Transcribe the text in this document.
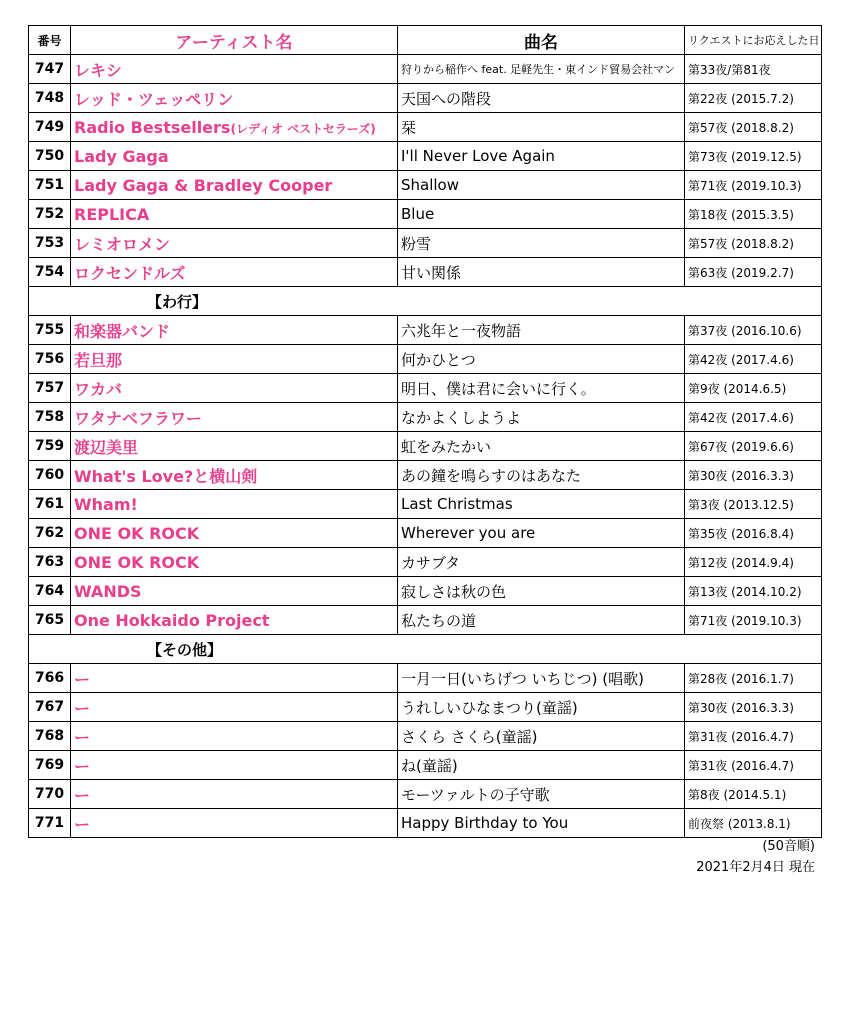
番号	アーティスト名	曲名	リクエストにお応えした日
747	レキシ	狩りから稲作へ feat. 足軽先生・東インド貿易会社マン	第33夜/第81夜
748	レッド・ツェッペリン	天国への階段	第22夜 (2015.7.2)
749	Radio Bestsellers(レディオ ベストセラーズ)	栞	第57夜 (2018.8.2)
750	Lady Gaga	I'll Never Love Again	第73夜 (2019.12.5)
751	Lady Gaga & Bradley Cooper	Shallow	第71夜 (2019.10.3)
752	REPLICA	Blue	第18夜 (2015.3.5)
753	レミオロメン	粉雪	第57夜 (2018.8.2)
754	ロクセンドルズ	甘い関係	第63夜 (2019.2.7)
【わ行】			
755	和楽器バンド	六兆年と一夜物語	第37夜 (2016.10.6)
756	若旦那	何かひとつ	第42夜 (2017.4.6)
757	ワカバ	明日、僕は君に会いに行く。	第9夜 (2014.6.5)
758	ワタナベフラワー	なかよくしようよ	第42夜 (2017.4.6)
759	渡辺美里	虹をみたかい	第67夜 (2019.6.6)
760	What's Love?と横山剣	あの鐘を鳴らすのはあなた	第30夜 (2016.3.3)
761	Wham!	Last Christmas	第3夜 (2013.12.5)
762	ONE OK ROCK	Wherever you are	第35夜 (2016.8.4)
763	ONE OK ROCK	カサブタ	第12夜 (2014.9.4)
764	WANDS	寂しさは秋の色	第13夜 (2014.10.2)
765	One Hokkaido Project	私たちの道	第71夜 (2019.10.3)
【その他】			
766	ー	一月一日(いちげつ いちじつ) (唱歌)	第28夜 (2016.1.7)
767	ー	うれしいひなまつり(童謡)	第30夜 (2016.3.3)
768	ー	さくら さくら(童謡)	第31夜 (2016.4.7)
769	ー	ね(童謡)	第31夜 (2016.4.7)
770	ー	モーツァルトの子守歌	第8夜 (2014.5.1)
771	ー	Happy Birthday to You	前夜祭 (2013.8.1)
(50音順)
2021年2月4日 現在
